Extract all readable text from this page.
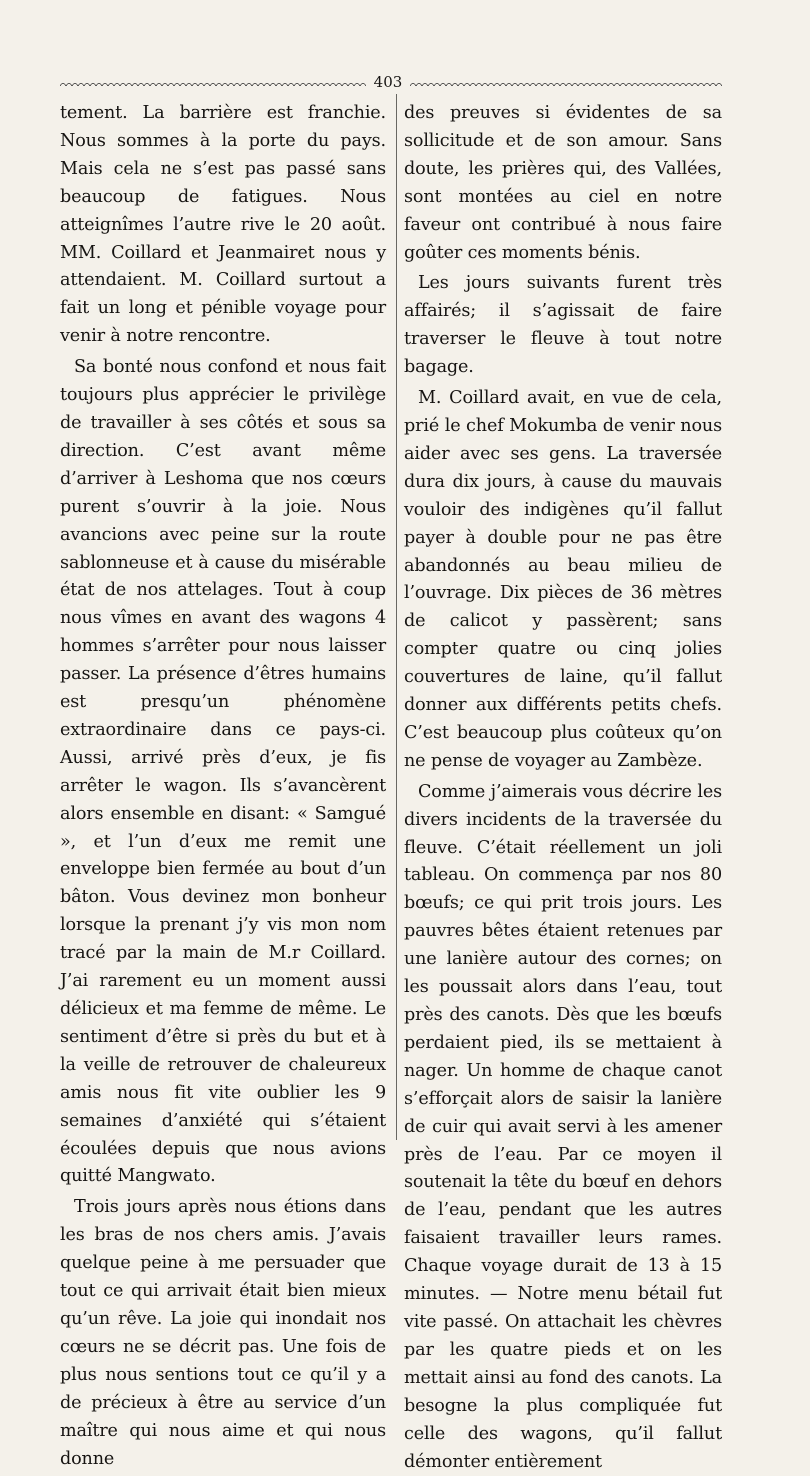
403

tement. La barrière est franchie. Nous sommes à la porte du pays. Mais cela ne s’est pas passé sans beaucoup de fatigues. Nous atteignîmes l’autre rive le 20 août. MM. Coillard et Jeanmairet nous y attendaient. M. Coillard surtout a fait un long et pénible voyage pour venir à notre rencontre.

Sa bonté nous confond et nous fait toujours plus apprécier le privilège de travailler à ses côtés et sous sa direction. C’est avant même d’arriver à Leshoma que nos cœurs purent s’ouvrir à la joie. Nous avancions avec peine sur la route sablonneuse et à cause du misérable état de nos attelages. Tout à coup nous vîmes en avant des wagons 4 hommes s’arrêter pour nous laisser passer. La présence d’êtres humains est presqu’un phénomène extraordinaire dans ce pays-ci. Aussi, arrivé près d’eux, je fis arrêter le wagon. Ils s’avancèrent alors ensemble en disant: « Samgué », et l’un d’eux me remit une enveloppe bien fermée au bout d’un bâton. Vous devinez mon bonheur lorsque la prenant j’y vis mon nom tracé par la main de M.r Coillard. J’ai rarement eu un moment aussi délicieux et ma femme de même. Le sentiment d’être si près du but et à la veille de retrouver de chaleureux amis nous fit vite oublier les 9 semaines d’anxiété qui s’étaient écoulées depuis que nous avions quitté Mangwato.

Trois jours après nous étions dans les bras de nos chers amis. J’avais quelque peine à me persuader que tout ce qui arrivait était bien mieux qu’un rêve. La joie qui inondait nos cœurs ne se décrit pas. Une fois de plus nous sentions tout ce qu’il y a de précieux à être au service d’un maître qui nous aime et qui nous donne

des preuves si évidentes de sa sollicitude et de son amour. Sans doute, les prières qui, des Vallées, sont montées au ciel en notre faveur ont contribué à nous faire goûter ces moments bénis.

Les jours suivants furent très affairés; il s’agissait de faire traverser le fleuve à tout notre bagage.

M. Coillard avait, en vue de cela, prié le chef Mokumba de venir nous aider avec ses gens. La traversée dura dix jours, à cause du mauvais vouloir des indigènes qu’il fallut payer à double pour ne pas être abandonnés au beau milieu de l’ouvrage. Dix pièces de 36 mètres de calicot y passèrent; sans compter quatre ou cinq jolies couvertures de laine, qu’il fallut donner aux différents petits chefs. C’est beaucoup plus coûteux qu’on ne pense de voyager au Zambèze.

Comme j’aimerais vous décrire les divers incidents de la traversée du fleuve. C’était réellement un joli tableau. On commença par nos 80 bœufs; ce qui prit trois jours. Les pauvres bêtes étaient retenues par une lanière autour des cornes; on les poussait alors dans l’eau, tout près des canots. Dès que les bœufs perdaient pied, ils se mettaient à nager. Un homme de chaque canot s’efforçait alors de saisir la lanière de cuir qui avait servi à les amener près de l’eau. Par ce moyen il soutenait la tête du bœuf en dehors de l’eau, pendant que les autres faisaient travailler leurs rames. Chaque voyage durait de 13 à 15 minutes. — Notre menu bétail fut vite passé. On attachait les chèvres par les quatre pieds et on les mettait ainsi au fond des canots. La besogne la plus compliquée fut celle des wagons, qu’il fallut démonter entièrement
